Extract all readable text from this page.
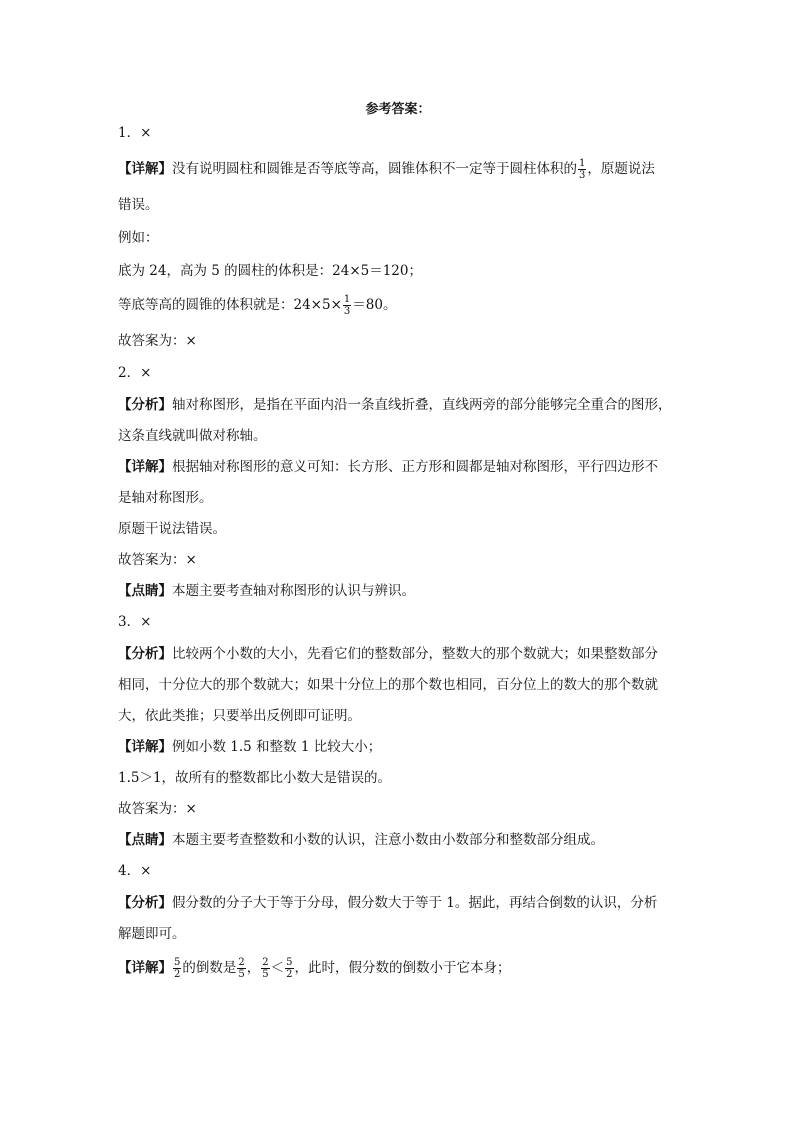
参考答案：
1．×
【详解】没有说明圆柱和圆锥是否等底等高，圆锥体积不一定等于圆柱体积的 $\frac{1}{3}$ ，原题说法
错误。
例如：
底为 24，高为 5 的圆柱的体积是：24×5＝120；
等底等高的圆锥的体积就是：$24\times 5\times \frac{1}{3} =80$。
故答案为：×
2．×
【分析】轴对称图形，是指在平面内沿一条直线折叠，直线两旁的部分能够完全重合的图形，
这条直线就叫做对称轴。
【详解】根据轴对称图形的意义可知：长方形、正方形和圆都是轴对称图形，平行四边形不
是轴对称图形。
原题干说法错误。
故答案为：×
【点睛】本题主要考查轴对称图形的认识与辨识。
3．×
【分析】比较两个小数的大小，先看它们的整数部分，整数大的那个数就大；如果整数部分
相同，十分位大的那个数就大；如果十分位上的那个数也相同，百分位上的数大的那个数就
大，依此类推；只要举出反例即可证明。
【详解】例如小数 1.5 和整数 1 比较大小；
1.5＞1，故所有的整数都比小数大是错误的。
故答案为：×
【点睛】本题主要考查整数和小数的认识，注意小数由小数部分和整数部分组成。
4．×
【分析】假分数的分子大于等于分母，假分数大于等于 1。据此，再结合倒数的认识，分析
解题即可。
【详解】 $\frac{5}{2}$ 的倒数是 $\frac{2}{5}$ ， $\frac{2}{5} < \frac{5}{2}$ ，此时，假分数的倒数小于它本身；
